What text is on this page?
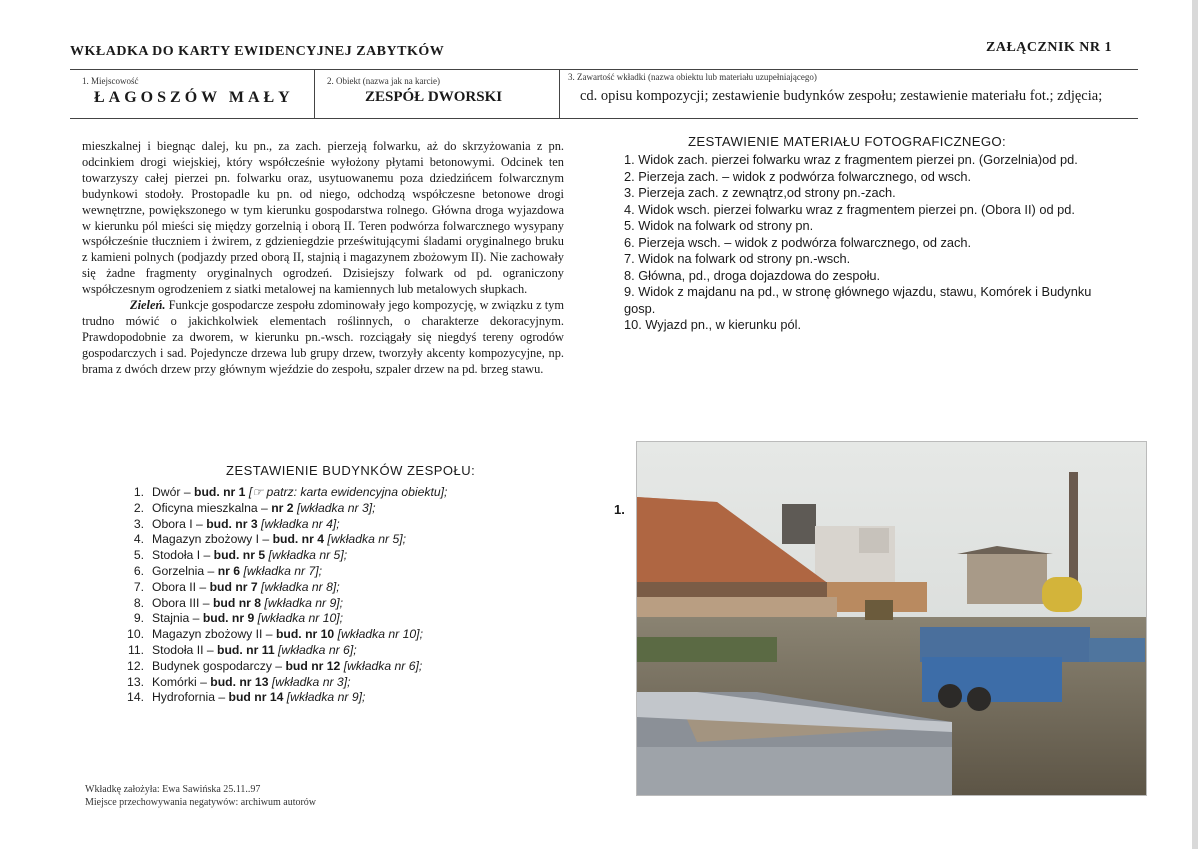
WKŁADKA DO KARTY EWIDENCYJNEJ ZABYTKÓW	ZAŁĄCZNIK NR 1
1. Miejscowość
ŁAGOSZÓW MAŁY
2. Obiekt (nazwa jak na karcie)
ZESPÓŁ DWORSKI
3. Zawartość wkładki (nazwa obiektu lub materiału uzupełniającego)
cd. opisu kompozycji; zestawienie budynków zespołu; zestawienie materiału fot.; zdjęcia;

mieszkalnej i biegnąc dalej, ku pn., za zach. pierzeją folwarku, aż do skrzyżowania z pn. odcinkiem drogi wiejskiej, który współcześnie wyłożony płytami betonowymi. Odcinek ten towarzyszy całej pierzei pn. folwarku oraz, usytuowanemu poza dziedzińcem folwarcznym budynkowi stodoły. Prostopadle ku pn. od niego, odchodzą współczesne betonowe drogi wewnętrzne, powiększonego w tym kierunku gospodarstwa rolnego. Główna droga wyjazdowa w kierunku pól mieści się między gorzelnią i oborą II. Teren podwórza folwarcznego wysypany współcześnie tłuczniem i żwirem, z gdzieniegdzie prześwitującymi śladami oryginalnego bruku z kamieni polnych (podjazdy przed oborą II, stajnią i magazynem zbożowym II). Nie zachowały się żadne fragmenty oryginalnych ogrodzeń. Dzisiejszy folwark od pd. ograniczony współczesnym ogrodzeniem z siatki metalowej na kamiennych lub metalowych słupkach.

Zieleń. Funkcje gospodarcze zespołu zdominowały jego kompozycję, w związku z tym trudno mówić o jakichkolwiek elementach roślinnych, o charakterze dekoracyjnym. Prawdopodobnie za dworem, w kierunku pn.-wsch. rozciągały się niegdyś tereny ogrodów gospodarczych i sad. Pojedyncze drzewa lub grupy drzew, tworzyły akcenty kompozycyjne, np. brama z dwóch drzew przy głównym wjeździe do zespołu, szpaler drzew na pd. brzeg stawu.

ZESTAWIENIE BUDYNKÓW ZESPOŁU:
1. Dwór – bud. nr 1 [☞ patrz: karta ewidencyjna obiektu];
2. Oficyna mieszkalna – nr 2 [wkładka nr 3];
3. Obora I – bud. nr 3 [wkładka nr 4];
4. Magazyn zbożowy I – bud. nr 4 [wkładka nr 5];
5. Stodoła I – bud. nr 5 [wkładka nr 5];
6. Gorzelnia – nr 6 [wkładka nr 7];
7. Obora II – bud nr 7 [wkładka nr 8];
8. Obora III – bud nr 8 [wkładka nr 9];
9. Stajnia – bud. nr 9 [wkładka nr 10];
10. Magazyn zbożowy II – bud. nr 10 [wkładka nr 10];
11. Stodoła II – bud. nr 11 [wkładka nr 6];
12. Budynek gospodarczy – bud nr 12 [wkładka nr 6];
13. Komórki – bud. nr 13 [wkładka nr 3];
14. Hydrofornia – bud nr 14 [wkładka nr 9];
Wkładkę założyła: Ewa Sawińska 25.11..97
Miejsce przechowywania negatywów: archiwum autorów
ZESTAWIENIE MATERIAŁU FOTOGRAFICZNEGO:
1. Widok zach. pierzei folwarku wraz z fragmentem pierzei pn. (Gorzelnia)od pd.
2. Pierzeja zach. – widok z podwórza folwarcznego, od wsch.
3. Pierzeja zach. z zewnątrz,od strony pn.-zach.
4. Widok wsch. pierzei folwarku wraz z fragmentem pierzei pn. (Obora II) od pd.
5. Widok na folwark od strony pn.
6. Pierzeja wsch. – widok z podwórza folwarcznego, od zach.
7. Widok na folwark od strony pn.-wsch.
8. Główna, pd., droga dojazdowa do zespołu.
9. Widok z majdanu na pd., w stronę głównego wjazdu, stawu, Komórek i Budynku gosp.
10. Wyjazd pn., w kierunku pól.
1.
